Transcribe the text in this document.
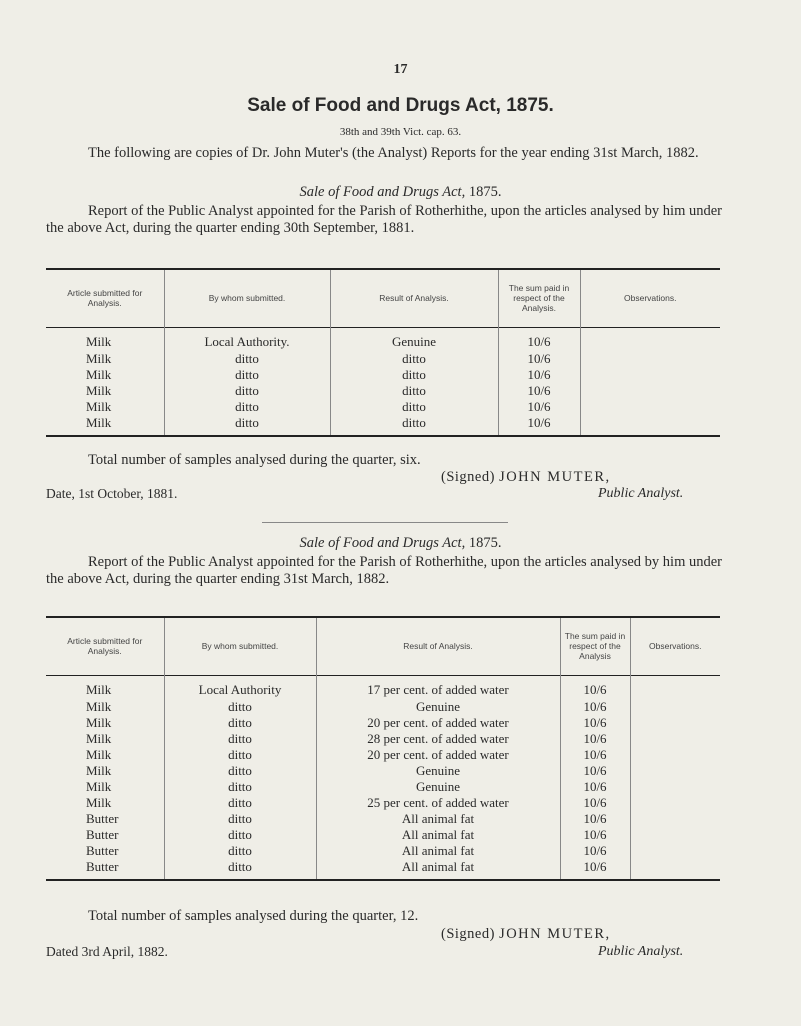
17
Sale of Food and Drugs Act, 1875.
38th and 39th Vict. cap. 63.
The following are copies of Dr. John Muter's (the Analyst) Reports for the year ending 31st March, 1882.
Sale of Food and Drugs Act, 1875.
Report of the Public Analyst appointed for the Parish of Rotherhithe, upon the articles analysed by him under the above Act, during the quarter ending 30th September, 1881.
Article submitted for Analysis.	By whom submitted.	Result of Analysis.	The sum paid in respect of the Analysis.	Observations.
Milk	Local Authority.	Genuine	10/6	
Milk	ditto	ditto	10/6	
Milk	ditto	ditto	10/6	
Milk	ditto	ditto	10/6	
Milk	ditto	ditto	10/6	
Milk	ditto	ditto	10/6	

Total number of samples analysed during the quarter, six.
(Signed) JOHN MUTER,
Date, 1st October, 1881.	Public Analyst.
Sale of Food and Drugs Act, 1875.
Report of the Public Analyst appointed for the Parish of Rotherhithe, upon the articles analysed by him under the above Act, during the quarter ending 31st March, 1882.
Article submitted for Analysis.	By whom submitted.	Result of Analysis.	The sum paid in respect of the Analysis	Observations.
Milk	Local Authority	17 per cent. of added water	10/6	
Milk	ditto	Genuine	10/6	
Milk	ditto	20 per cent. of added water	10/6	
Milk	ditto	28 per cent. of added water	10/6	
Milk	ditto	20 per cent. of added water	10/6	
Milk	ditto	Genuine	10/6	
Milk	ditto	Genuine	10/6	
Milk	ditto	25 per cent. of added water	10/6	
Butter	ditto	All animal fat	10/6	
Butter	ditto	All animal fat	10/6	
Butter	ditto	All animal fat	10/6	
Butter	ditto	All animal fat	10/6	

Total number of samples analysed during the quarter, 12.
(Signed) JOHN MUTER,
Dated 3rd April, 1882.	Public Analyst.
